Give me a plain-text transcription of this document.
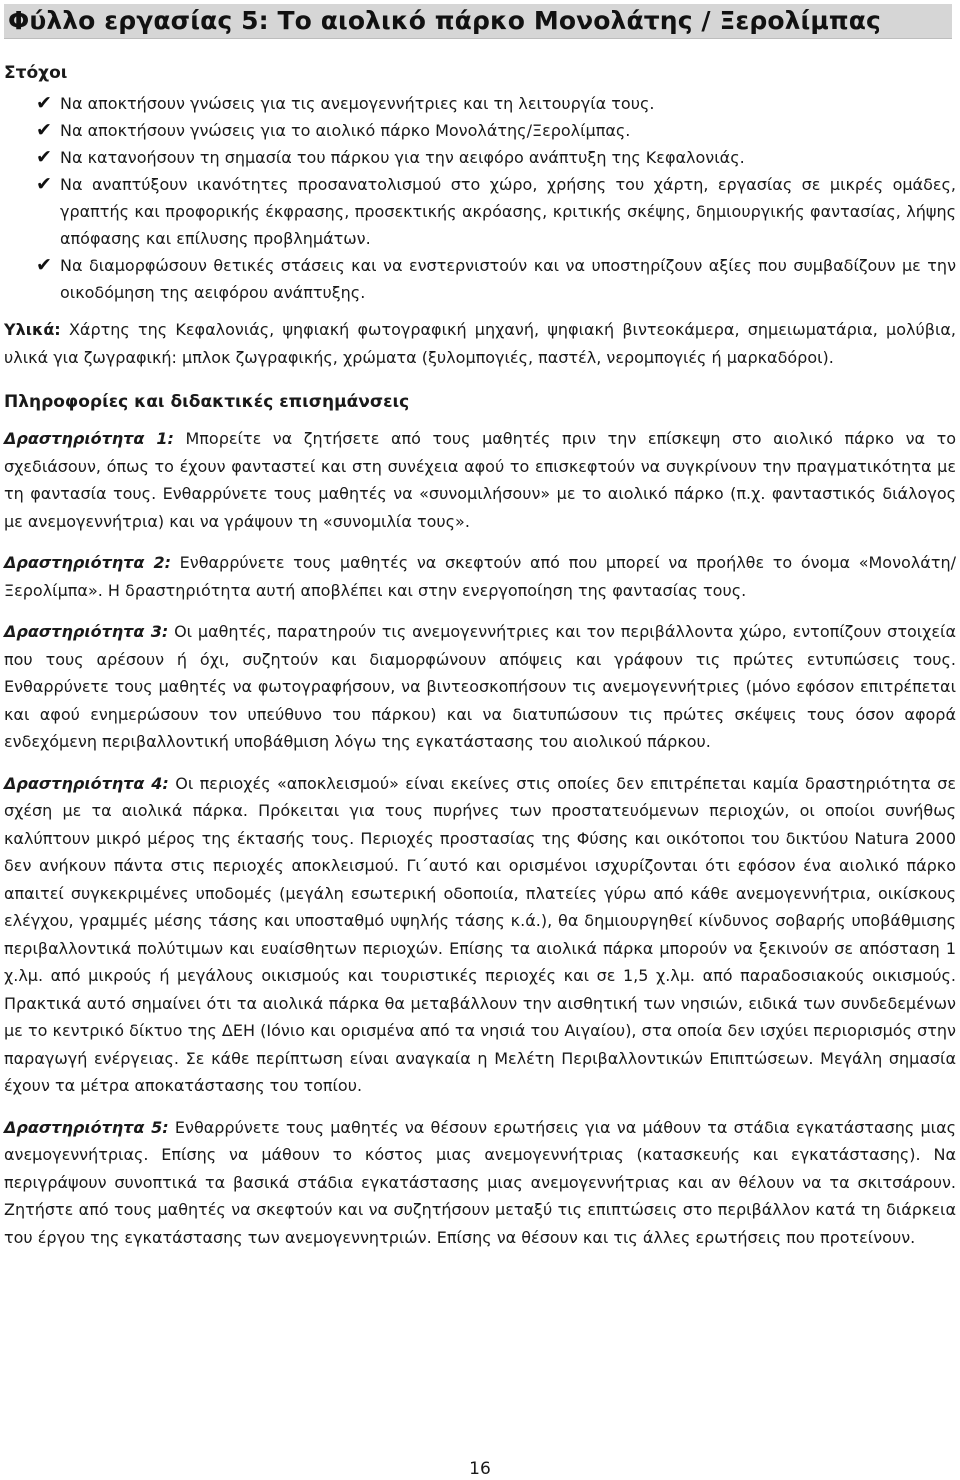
Φύλλο εργασίας 5: Το αιολικό πάρκο Μονολάτης / Ξερολίμπας
Στόχοι
✔ Να αποκτήσουν γνώσεις για τις ανεμογεννήτριες και τη λειτουργία τους.
✔ Να αποκτήσουν γνώσεις για το αιολικό πάρκο Μονολάτης/Ξερολίμπας.
✔ Να κατανοήσουν τη σημασία του πάρκου για την αειφόρο ανάπτυξη της Κεφαλονιάς.
✔ Να αναπτύξουν ικανότητες προσανατολισμού στο χώρο, χρήσης του χάρτη, εργασίας σε μικρές ομάδες, γραπτής και προφορικής έκφρασης, προσεκτικής ακρόασης, κριτικής σκέψης, δημιουργικής φαντασίας, λήψης απόφασης και επίλυσης προβλημάτων.
✔ Να διαμορφώσουν θετικές στάσεις και να ενστερνιστούν και να υποστηρίζουν αξίες που συμβαδίζουν με την οικοδόμηση της αειφόρου ανάπτυξης.

Υλικά: Χάρτης της Κεφαλονιάς, ψηφιακή φωτογραφική μηχανή, ψηφιακή βιντεοκάμερα, σημειωματάρια, μολύβια, υλικά για ζωγραφική: μπλοκ ζωγραφικής, χρώματα (ξυλομπογιές, παστέλ, νερομπογιές ή μαρκαδόροι).

Πληροφορίες και διδακτικές επισημάνσεις

Δραστηριότητα 1: Μπορείτε να ζητήσετε από τους μαθητές πριν την επίσκεψη στο αιολικό πάρκο να το σχεδιάσουν, όπως το έχουν φανταστεί και στη συνέχεια αφού το επισκεφτούν να συγκρίνουν την πραγματικότητα με τη φαντασία τους. Ενθαρρύνετε τους μαθητές να «συνομιλήσουν» με το αιολικό πάρκο (π.χ. φανταστικός διάλογος με ανεμογεννήτρια) και να γράψουν τη «συνομιλία τους».

Δραστηριότητα 2: Ενθαρρύνετε τους μαθητές να σκεφτούν από που μπορεί να προήλθε το όνομα «Μονολάτη/Ξερολίμπα». Η δραστηριότητα αυτή αποβλέπει και στην ενεργοποίηση της φαντασίας τους.

Δραστηριότητα 3: Οι μαθητές, παρατηρούν τις ανεμογεννήτριες και τον περιβάλλοντα χώρο, εντοπίζουν στοιχεία που τους αρέσουν ή όχι, συζητούν και διαμορφώνουν απόψεις και γράφουν τις πρώτες εντυπώσεις τους. Ενθαρρύνετε τους μαθητές να φωτογραφήσουν, να βιντεοσκοπήσουν τις ανεμογεννήτριες (μόνο εφόσον επιτρέπεται και αφού ενημερώσουν τον υπεύθυνο του πάρκου) και να διατυπώσουν τις πρώτες σκέψεις τους όσον αφορά ενδεχόμενη περιβαλλοντική υποβάθμιση λόγω της εγκατάστασης του αιολικού πάρκου.

Δραστηριότητα 4: Οι περιοχές «αποκλεισμού» είναι εκείνες στις οποίες δεν επιτρέπεται καμία δραστηριότητα σε σχέση με τα αιολικά πάρκα. Πρόκειται για τους πυρήνες των προστατευόμενων περιοχών, οι οποίοι συνήθως καλύπτουν μικρό μέρος της έκτασής τους. Περιοχές προστασίας της Φύσης και οικότοποι του δικτύου Natura 2000 δεν ανήκουν πάντα στις περιοχές αποκλεισμού. Γι΄αυτό και ορισμένοι ισχυρίζονται ότι εφόσον ένα αιολικό πάρκο απαιτεί συγκεκριμένες υποδομές (μεγάλη εσωτερική οδοποιία, πλατείες γύρω από κάθε ανεμογεννήτρια, οικίσκους ελέγχου, γραμμές μέσης τάσης και υποσταθμό υψηλής τάσης κ.ά.), θα δημιουργηθεί κίνδυνος σοβαρής υποβάθμισης περιβαλλοντικά πολύτιμων και ευαίσθητων περιοχών. Επίσης τα αιολικά πάρκα μπορούν να ξεκινούν σε απόσταση 1 χ.λμ. από μικρούς ή μεγάλους οικισμούς και τουριστικές περιοχές και σε 1,5 χ.λμ. από παραδοσιακούς οικισμούς. Πρακτικά αυτό σημαίνει ότι τα αιολικά πάρκα θα μεταβάλλουν την αισθητική των νησιών, ειδικά των συνδεδεμένων με το κεντρικό δίκτυο της ΔΕΗ (Ιόνιο και ορισμένα από τα νησιά του Αιγαίου), στα οποία δεν ισχύει περιορισμός στην παραγωγή ενέργειας. Σε κάθε περίπτωση είναι αναγκαία η Μελέτη Περιβαλλοντικών Επιπτώσεων. Μεγάλη σημασία έχουν τα μέτρα αποκατάστασης του τοπίου.

Δραστηριότητα 5: Ενθαρρύνετε τους μαθητές να θέσουν ερωτήσεις για να μάθουν τα στάδια εγκατάστασης μιας ανεμογεννήτριας. Επίσης να μάθουν το κόστος μιας ανεμογεννήτριας (κατασκευής και εγκατάστασης). Να περιγράψουν συνοπτικά τα βασικά στάδια εγκατάστασης μιας ανεμογεννήτριας και αν θέλουν να τα σκιτσάρουν. Ζητήστε από τους μαθητές να σκεφτούν και να συζητήσουν μεταξύ τις επιπτώσεις στο περιβάλλον κατά τη διάρκεια του έργου της εγκατάστασης των ανεμογεννητριών. Επίσης να θέσουν και τις άλλες ερωτήσεις που προτείνουν.

16
